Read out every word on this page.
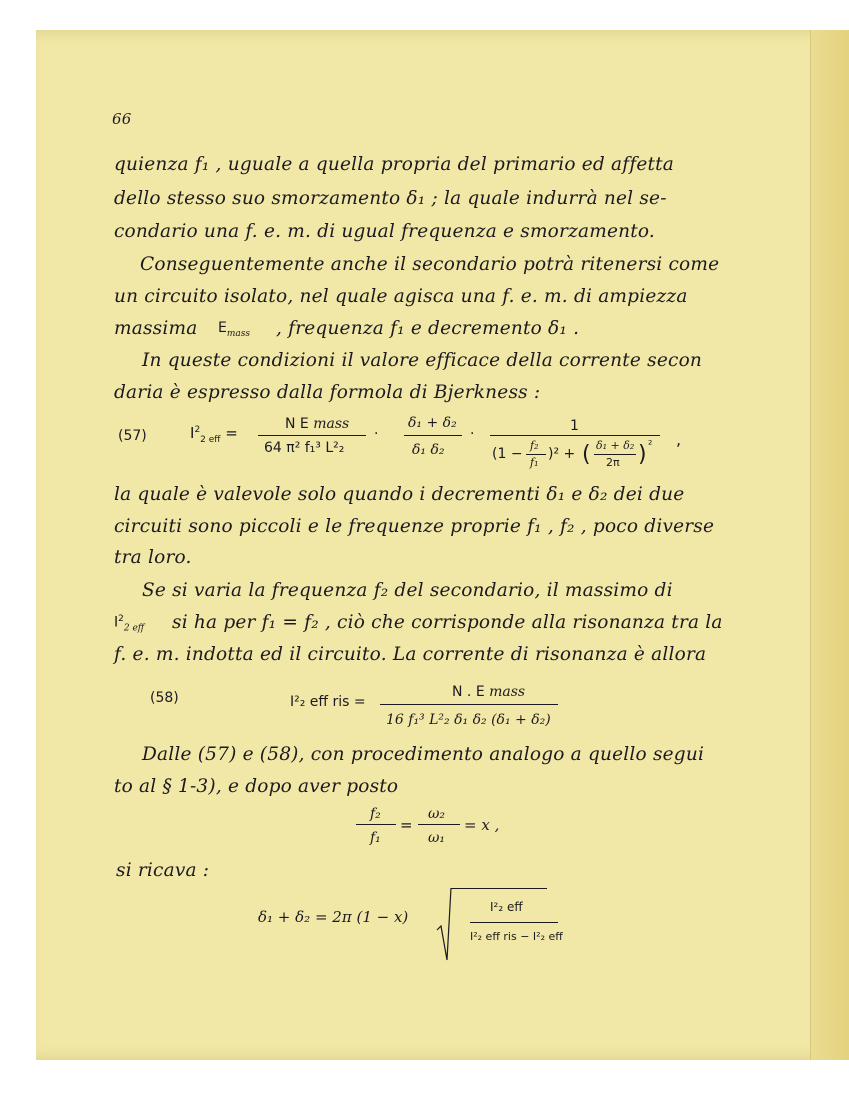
66
quienza f₁ , uguale a quella propria del primario ed affetta
dello stesso suo smorzamento δ₁ ; la quale indurrà nel se-
condario una f. e. m. di ugual frequenza e smorzamento.
Conseguentemente anche il secondario potrà ritenersi come
un circuito isolato, nel quale agisca una f. e. m. di ampiezza
massima $E_{mass}$ , frequenza f₁ e decremento δ₁ .
In queste condizioni il valore efficace della corrente secon
daria è espresso dalla formola di Bjerkness :
(57)	$I^2_{2 eff}$ =	N E mass
64 π² f₁³ L²₂
·
δ₁ + δ₂
δ₁ δ₂
·	1
(1 −
f₂
f₁
)² + ( δ₁ + δ₂
2π ) ² ,
la quale è valevole solo quando i decrementi δ₁ e δ₂ dei due
circuiti sono piccoli e le frequenze proprie f₁ , f₂ , poco diverse
tra loro.
Se si varia la frequenza f₂ del secondario, il massimo di
$I^2_{2 eff}$ si ha per f₁ = f₂ , ciò che corrisponde alla risonanza tra la
f. e. m. indotta ed il circuito. La corrente di risonanza è allora
(58)	I²₂ eff ris =
N . E mass
16 f₁³ L²₂ δ₁ δ₂ (δ₁ + δ₂)
Dalle (57) e (58), con procedimento analogo a quello segui
to al § 1-3), e dopo aver posto
f₂
f₁
=
ω₂
ω₁
= x ,
si ricava :
δ₁ + δ₂ = 2π (1 − x)
I²₂ eff
I²₂ eff ris − I²₂ eff
